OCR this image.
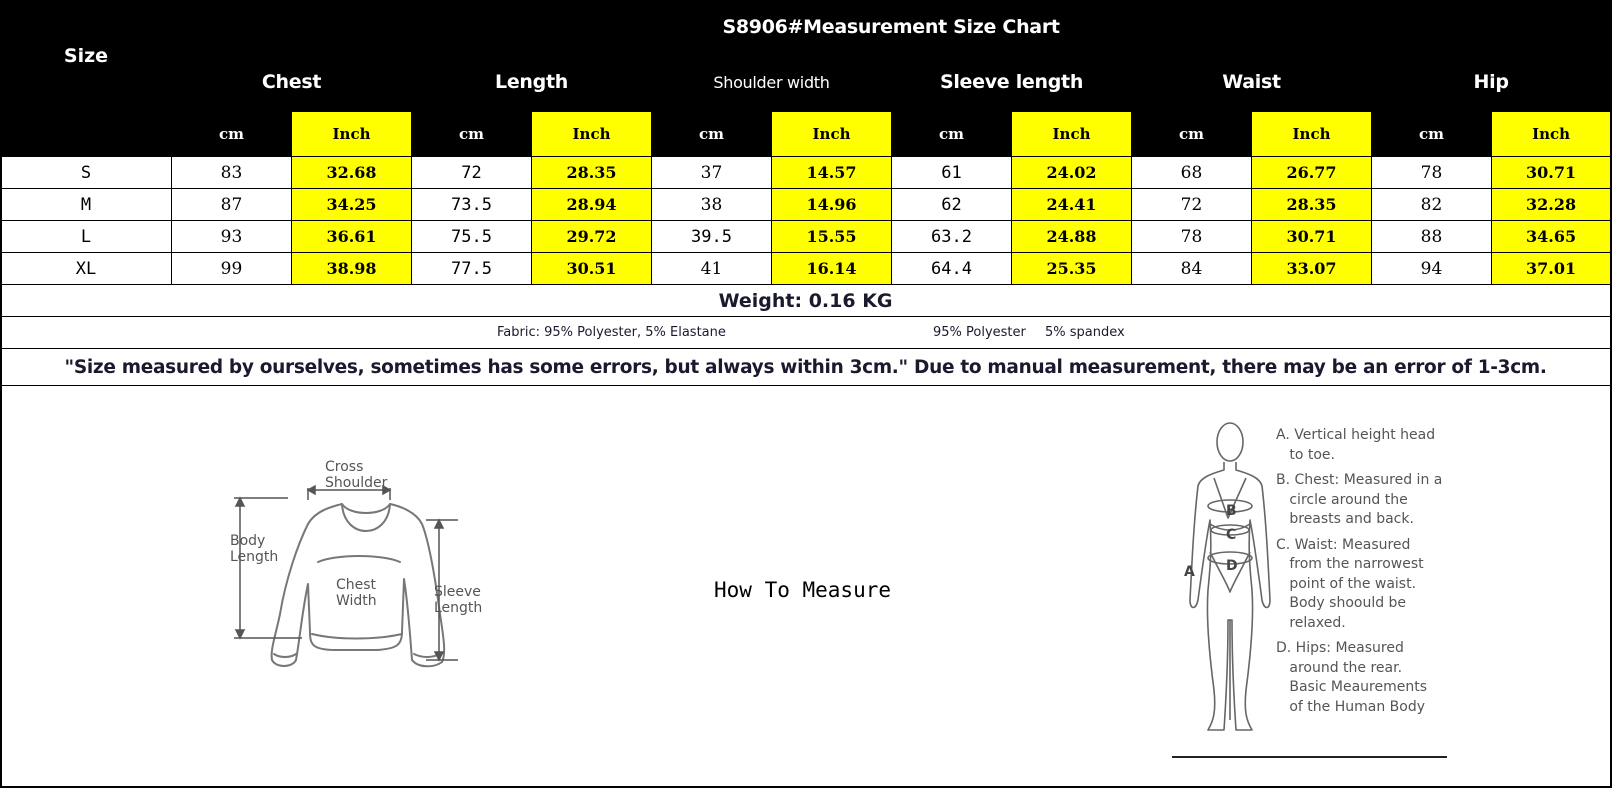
Size	S8906#Measurement Size Chart											
	Chest		Length		Shoulder width		Sleeve length		Waist		Hip	
	cm	Inch	cm	Inch	cm	Inch	cm	Inch	cm	Inch	cm	Inch
S	83	32.68	72	28.35	37	14.57	61	24.02	68	26.77	78	30.71
M	87	34.25	73.5	28.94	38	14.96	62	24.41	72	28.35	82	32.28
L	93	36.61	75.5	29.72	39.5	15.55	63.2	24.88	78	30.71	88	34.65
XL	99	38.98	77.5	30.51	41	16.14	64.4	25.35	84	33.07	94	37.01
Weight: 0.16 KG												

Fabric: 95% Polyester, 5% Elastane 95% Polyester 5% spandex												

"Size measured by ourselves, sometimes has some errors, but always within 3cm." Due to manual measurement, there may be an error of 1-3cm.												
Cross
Shoulder
Body
Length
Chest
Width
Sleeve
Length
How To Measure
A
B
C
D

A. Vertical height head
to toe.

B. Chest: Measured in a
circle around the
breasts and back.

C. Waist: Measured
from the narrowest
point of the waist.
Body shoould be
relaxed.

D. Hips: Measured
around the rear.
Basic Meaurements
of the Human Body
